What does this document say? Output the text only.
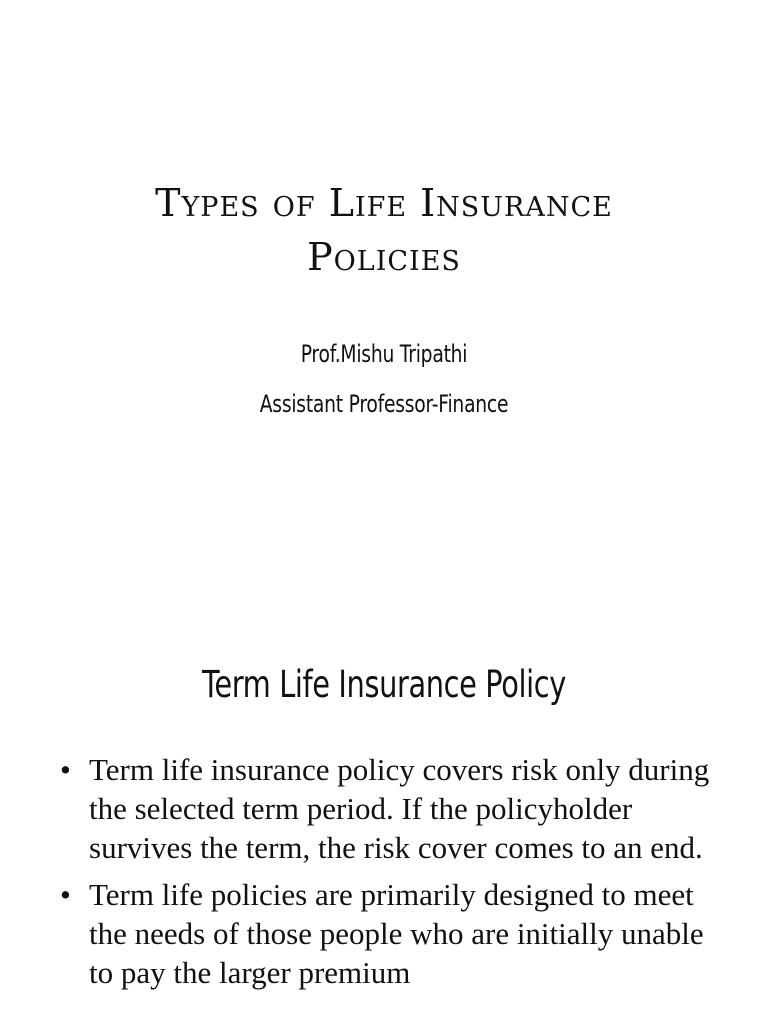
Types of Life Insurance
Policies
Prof.Mishu Tripathi
Assistant Professor-Finance
Term Life Insurance Policy
• Term life insurance policy covers risk only during the selected term period. If the policyholder survives the term, the risk cover comes to an end.
• Term life policies are primarily designed to meet the needs of those people who are initially unable to pay the larger premium
